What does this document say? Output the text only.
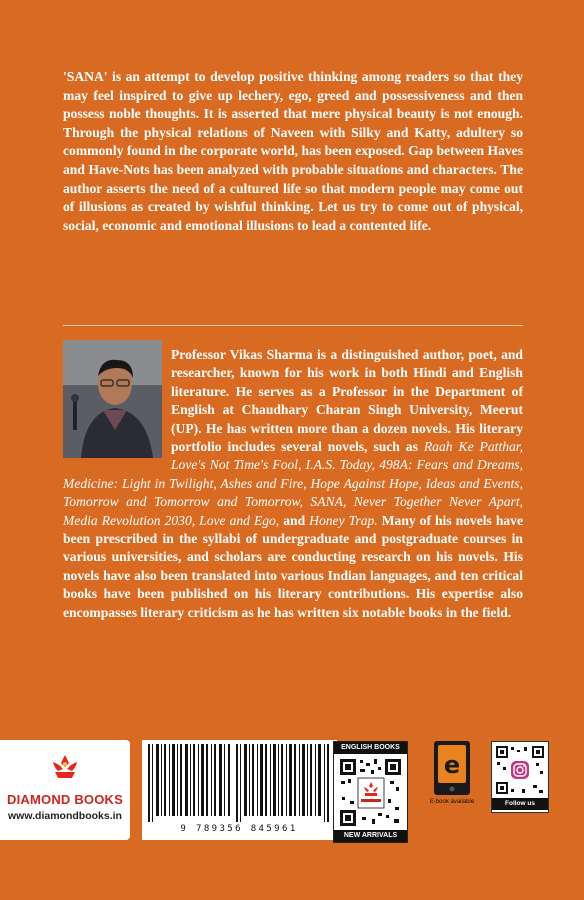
'SANA' is an attempt to develop positive thinking among readers so that they may feel inspired to give up lechery, ego, greed and possessiveness and then possess noble thoughts. It is asserted that mere physical beauty is not enough. Through the physical relations of Naveen with Silky and Katty, adultery so commonly found in the corporate world, has been exposed. Gap between Haves and Have-Nots has been analyzed with probable situations and characters. The author asserts the need of a cultured life so that modern people may come out of illusions as created by wishful thinking. Let us try to come out of physical, social, economic and emotional illusions to lead a contented life.

Professor Vikas Sharma is a distinguished author, poet, and researcher, known for his work in both Hindi and English literature. He serves as a Professor in the Department of English at Chaudhary Charan Singh University, Meerut (UP). He has written more than a dozen novels. His literary portfolio includes several novels, such as Raah Ke Patthar, Love's Not Time's Fool, I.A.S. Today, 498A: Fears and Dreams, Medicine: Light in Twilight, Ashes and Fire, Hope Against Hope, Ideas and Events, Tomorrow and Tomorrow and Tomorrow, SANA, Never Together Never Apart, Media Revolution 2030, Love and Ego, and Honey Trap. Many of his novels have been prescribed in the syllabi of undergraduate and postgraduate courses in various universities, and scholars are conducting research on his novels. His novels have also been translated into various Indian languages, and ten critical books have been published on his literary contributions. His expertise also encompasses literary criticism as he has written six notable books in the field.

DIAMOND BOOKS
www.diamondbooks.in
9 789356 845961
ENGLISH BOOKS
NEW ARRIVALS
e
E-book available	Follow us
